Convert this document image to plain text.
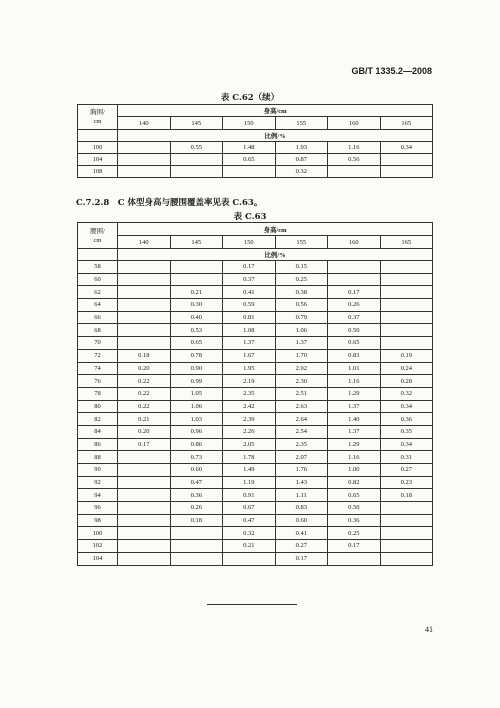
GB/T 1335.2—2008
表 C.62（续）
胸围/
cm	身高/cm					
	140	145	150	155	160	165
	比例/%					
100		0.55	1.48	1.93	1.16	0.34
104			0.65	0.87	0.56	
108				0.32		
C.7.2.8　C 体型身高与腰围覆盖率见表 C.63。
表 C.63
腰围/
cm	身高/cm					
	140	145	150	155	160	165
	比例/%					
58			0.17	0.15		
60			0.37	0.25		
62		0.21	0.41	0.38	0.17	
64		0.30	0.59	0.56	0.26	
66		0.40	0.81	0.79	0.37	
68		0.53	1.08	1.06	0.50	
70		0.65	1.37	1.37	0.65	
72	0.18	0.78	1.67	1.70	0.83	0.19
74	0.20	0.90	1.95	2.02	1.01	0.24
76	0.22	0.99	2.19	2.30	1.16	0.28
78	0.22	1.05	2.35	2.51	1.29	0.32
80	0.22	1.06	2.42	2.63	1.37	0.34
82	0.21	1.03	2.39	2.64	1.40	0.36
84	0.20	0.96	2.26	2.54	1.37	0.35
86	0.17	0.86	2.05	2.35	1.29	0.34
88		0.73	1.78	2.07	1.16	0.31
90		0.60	1.49	1.76	1.00	0.27
92		0.47	1.19	1.43	0.82	0.23
94		0.36	0.91	1.11	0.65	0.18
96		0.26	0.67	0.83	0.50	
98		0.18	0.47	0.60	0.36	
100			0.32	0.41	0.25	
102			0.21	0.27	0.17	
104				0.17		
41
